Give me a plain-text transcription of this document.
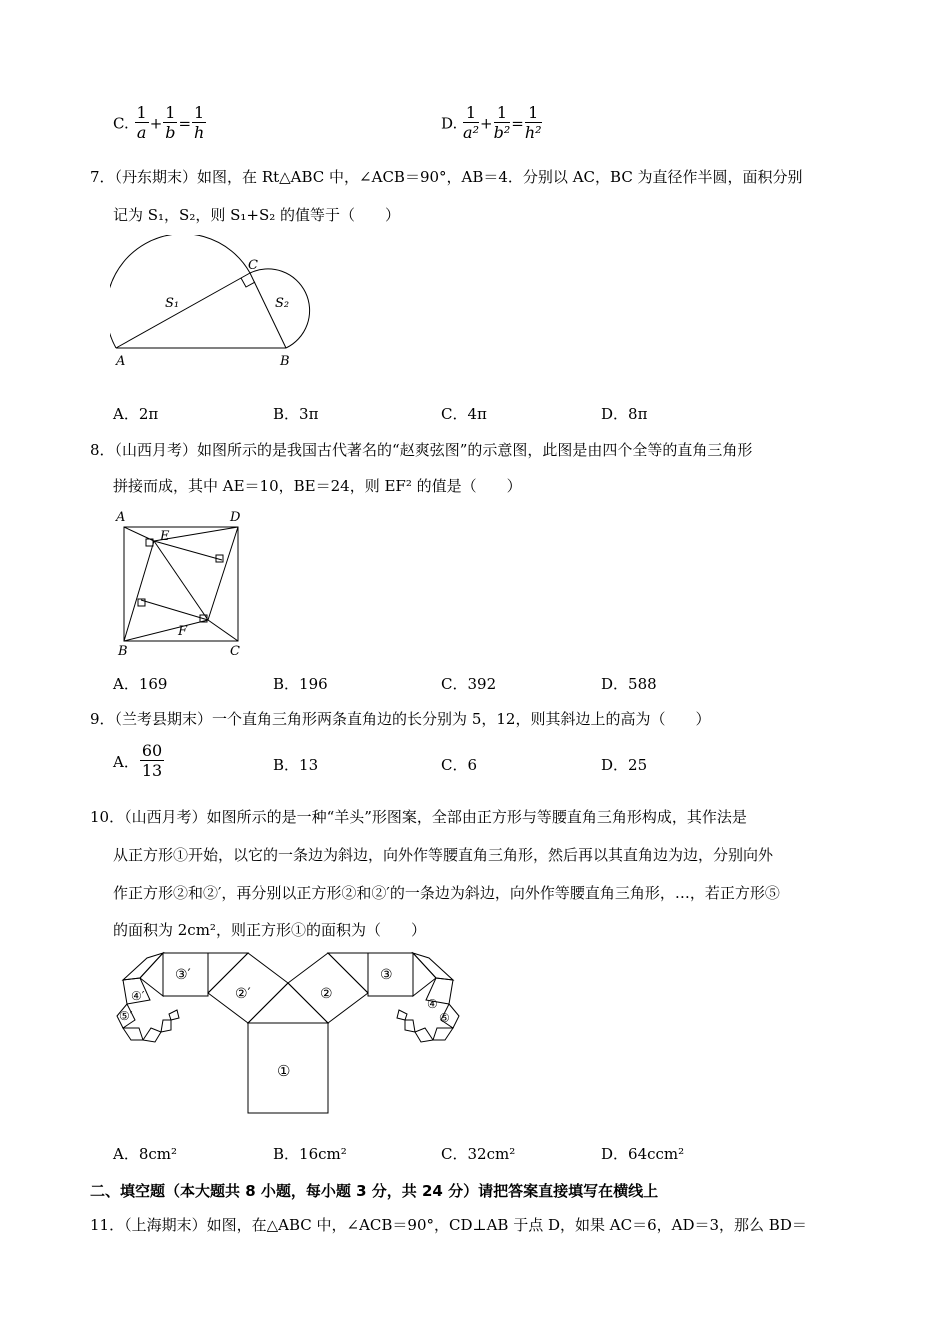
C. $\frac{1}{a} + \frac{1}{b} = \frac{1}{h}$	D. $\frac{1}{\text{a²}} + \frac{1}{\text{b²}} = \frac{1}{\text{h²}}$
7．（丹东期末）如图，在 Rt△ABC 中，∠ACB＝90°，AB＝4．分别以 AC，BC 为直径作半圆，面积分别
记为 S₁，S₂，则 S₁+S₂ 的值等于（　　）
C
A	B
S₁	S₂
A．2π	B．3π	C．4π	D．8π
8．（山西月考）如图所示的是我国古代著名的“赵爽弦图”的示意图，此图是由四个全等的直角三角形
拼接而成，其中 AE＝10，BE＝24，则 EF² 的值是（　　）
A	D
E
F
B	C
A．169	B．196	C．392	D．588
9．（兰考县期末）一个直角三角形两条直角边的长分别为 5，12，则其斜边上的高为（　　）
A． $\frac{60}{13}$	B．13	C．6	D．25
10．（山西月考）如图所示的是一种“羊头”形图案，全部由正方形与等腰直角三角形构成，其作法是
从正方形①开始，以它的一条边为斜边，向外作等腰直角三角形，然后再以其直角边为边，分别向外
作正方形②和②′，再分别以正方形②和②′的一条边为斜边，向外作等腰直角三角形，…，若正方形⑤
的面积为 2cm²，则正方形①的面积为（　　）
①
②′	②
③′	③
④′
④
⑤′	⑤
A．8cm²	B．16cm²	C．32cm²	D．64ccm²
二、填空题（本大题共 8 小题，每小题 3 分，共 24 分）请把答案直接填写在横线上
11．（上海期末）如图，在△ABC 中，∠ACB＝90°，CD⊥AB 于点 D，如果 AC＝6，AD＝3，那么 BD＝
